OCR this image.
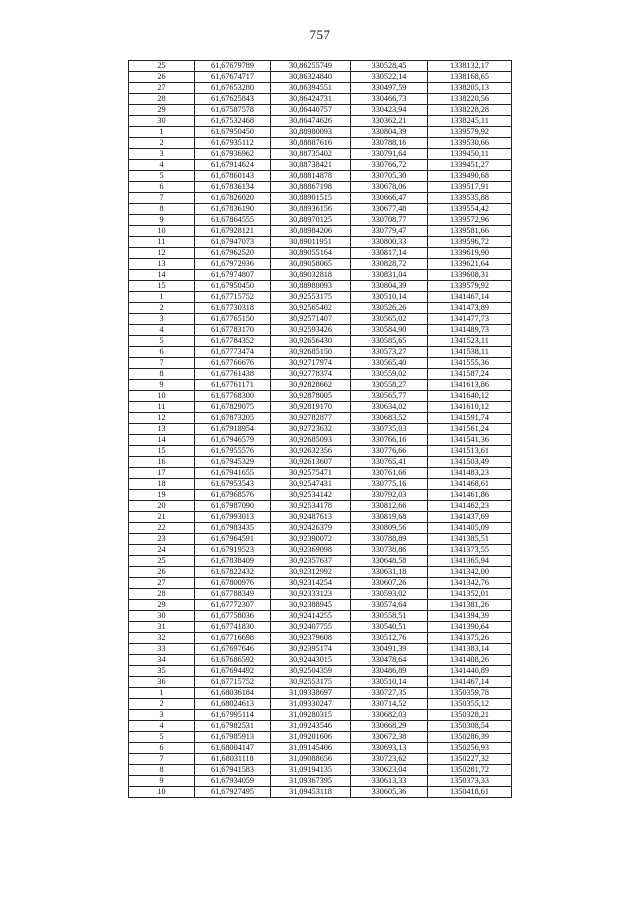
757
25	61,67679789	30,86255749	330528,45	1338132,17
26	61,67674717	30,86324840	330522,14	1338168,65
27	61,67653280	30,86394551	330497,59	1338205,13
28	61,67625843	30,86424731	330466,73	1338220,56
29	61,67587578	30,86440757	330423,94	1338228,28
30	61,67532468	30,86474626	330362,21	1338245,11
1	61,67950450	30,88980093	330804,39	1339579,92
2	61,67935112	30,88887616	330788,16	1339530,66
3	61,67936962	30,88735402	330791,64	1339450,11
4	61,67914624	30,88738421	330766,72	1339451,27
5	61,67860143	30,88814878	330705,30	1339490,68
6	61,67836134	30,88867198	330678,06	1339517,91
7	61,67826020	30,88901515	330666,47	1339535,88
8	61,67836190	30,88936156	330677,48	1339554,42
9	61,67864555	30,88970125	330708,77	1339572,96
10	61,67928121	30,88984206	330779,47	1339581,66
11	61,67947073	30,89011951	330800,33	1339596,72
12	61,67962520	30,89055164	330817,14	1339619,90
13	61,67972936	30,89058065	330828,72	1339621,64
14	61,67974807	30,89032818	330831,04	1339608,31
15	61,67950450	30,88980093	330804,39	1339579,92
1	61,67715752	30,92553175	330510,14	1341467,14
2	61,67730318	30,92565402	330526,26	1341473,89
3	61,67765150	30,92571407	330565,02	1341477,73
4	61,67783170	30,92593426	330584,90	1341489,73
5	61,67784352	30,92656430	330585,65	1341523,11
6	61,67773474	30,92685150	330573,27	1341538,11
7	61,67766676	30,92717974	330565,40	1341555,36
8	61,67761438	30,92778374	330559,02	1341587,24
9	61,67761171	30,92828662	330558,27	1341613,86
10	61,67768300	30,92878005	330565,77	1341640,12
11	61,67829075	30,92819170	330634,02	1341610,12
12	61,67873205	30,92782877	330683,52	1341591,74
13	61,67918954	30,92723632	330735,03	1341561,24
14	61,67946579	30,92685093	330766,16	1341541,36
15	61,67955576	30,92632356	330776,66	1341513,61
16	61,67945329	30,92613607	330765,41	1341503,49
17	61,67941655	30,92575471	330761,66	1341483,23
18	61,67953543	30,92547431	330775,16	1341468,61
19	61,67968576	30,92534142	330792,03	1341461,86
20	61,67987090	30,92534178	330812,66	1341462,23
21	61,67993013	30,92487613	330819,68	1341437,69
22	61,67983435	30,92426379	330809,56	1341405,09
23	61,67964591	30,92390072	330788,89	1341385,51
24	61,67919523	30,92369098	330738,86	1341373,55
25	61,67838409	30,92357637	330648,58	1341365,94
26	61,67822432	30,92312992	330631,18	1341342,00
27	61,67800976	30,92314254	330607,26	1341342,76
28	61,67788349	30,92333123	330593,02	1341352,01
29	61,67772307	30,92388945	330574,64	1341381,26
30	61,67758036	30,92414255	330558,51	1341394,39
31	61,67741830	30,92407755	330540,51	1341390,64
32	61,67716698	30,92379608	330512,76	1341375,26
33	61,67697646	30,92395174	330491,39	1341383,14
34	61,67686592	30,92443015	330478,64	1341408,26
35	61,67694492	30,92504359	330486,89	1341440,89
36	61,67715752	30,92553175	330510,14	1341467,14
1	61,68036184	31,09338697	330727,35	1350359,78
2	61,68024613	31,09330247	330714,52	1350355,12
3	61,67995114	31,09280315	330682,03	1350328,21
4	61,67982531	31,09243546	330668,29	1350308,54
5	61,67985913	31,09201606	330672,38	1350286,39
6	61,68004147	31,09145406	330693,13	1350256,93
7	61,68031118	31,09088656	330723,62	1350227,32
8	61,67941583	31,09194135	330623,04	1350281,72
9	61,67934059	31,09367395	330613,33	1350373,33
10	61,67927495	31,09453118	330605,36	1350418,61
